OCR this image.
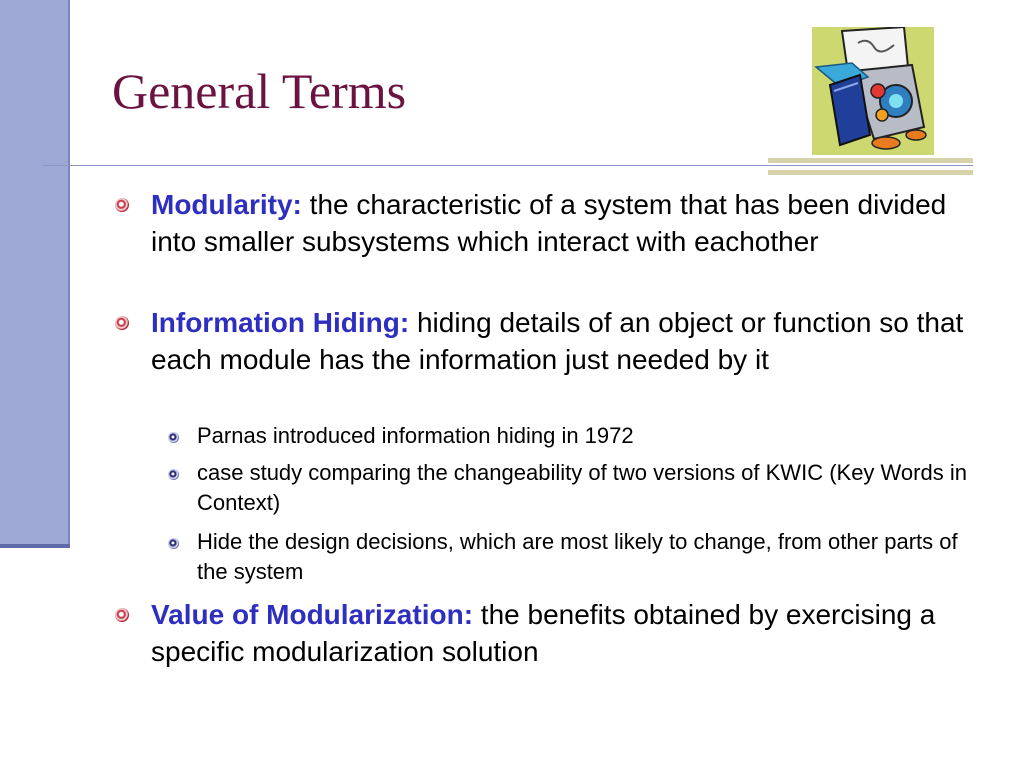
General Terms
Modularity: the characteristic of a system that has been divided into smaller subsystems which interact with eachother
Information Hiding: hiding details of an object or function so that each module has the information just needed by it
Parnas introduced information hiding in 1972
case study comparing the changeability of two versions of KWIC (Key Words in Context)
Hide the design decisions, which are most likely to change, from other parts of the system
Value of Modularization: the benefits obtained by exercising a specific modularization solution
